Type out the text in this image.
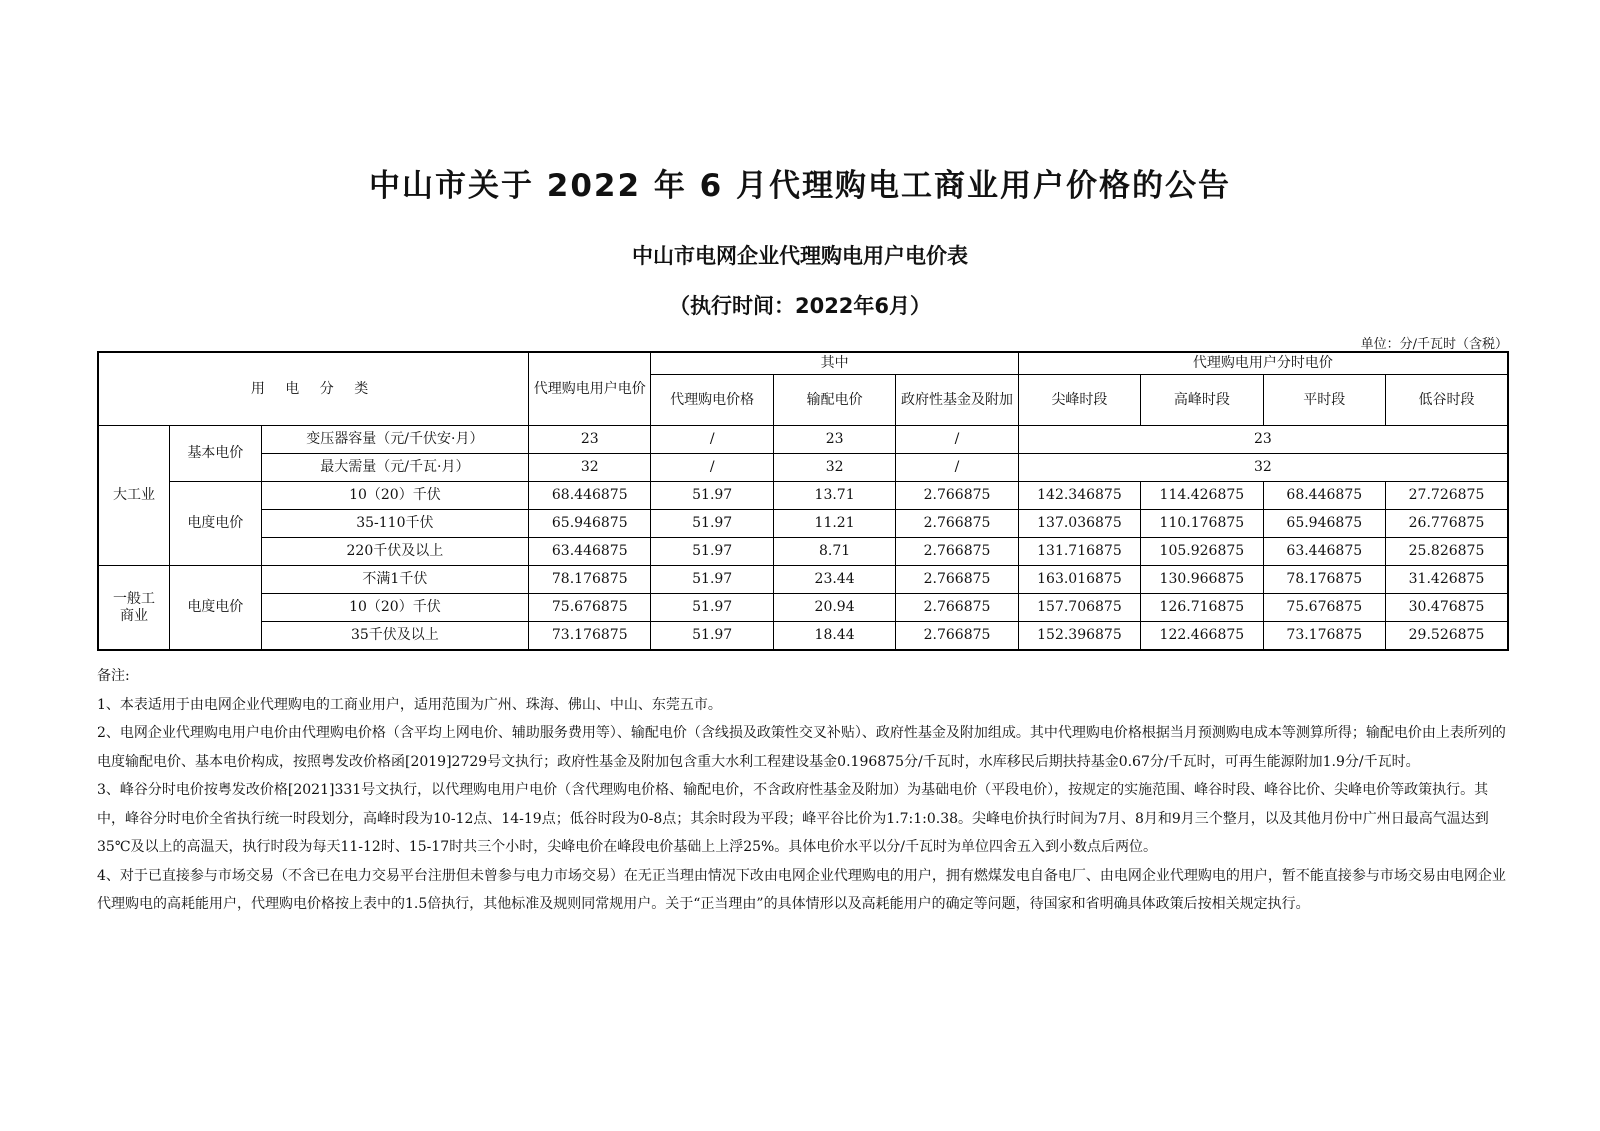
中山市关于 2022 年 6 月代理购电工商业用户价格的公告
中山市电网企业代理购电用户电价表
（执行时间：2022年6月）
单位：分/千瓦时（含税）
用 电 分 类			代理购电用户电价	其中			代理购电用户分时电价			
				代理购电价格	输配电价	政府性基金及附加	尖峰时段	高峰时段	平时段	低谷时段
大工业	基本电价	变压器容量（元/千伏安·月）	23	/	23	/	23			
		最大需量（元/千瓦·月）	32	/	32	/	32			
	电度电价	10（20）千伏	68.446875	51.97	13.71	2.766875	142.346875	114.426875	68.446875	27.726875
		35-110千伏	65.946875	51.97	11.21	2.766875	137.036875	110.176875	65.946875	26.776875
		220千伏及以上	63.446875	51.97	8.71	2.766875	131.716875	105.926875	63.446875	25.826875
一般工商业	电度电价	不满1千伏	78.176875	51.97	23.44	2.766875	163.016875	130.966875	78.176875	31.426875
		10（20）千伏	75.676875	51.97	20.94	2.766875	157.706875	126.716875	75.676875	30.476875
		35千伏及以上	73.176875	51.97	18.44	2.766875	152.396875	122.466875	73.176875	29.526875

备注:

1、本表适用于由电网企业代理购电的工商业用户，适用范围为广州、珠海、佛山、中山、东莞五市。

2、电网企业代理购电用户电价由代理购电价格（含平均上网电价、辅助服务费用等）、输配电价（含线损及政策性交叉补贴）、政府性基金及附加组成。其中代理购电价格根据当月预测购电成本等测算所得；输配电价由上表所列的电度输配电价、基本电价构成，按照粤发改价格函[2019]2729号文执行；政府性基金及附加包含重大水利工程建设基金0.196875分/千瓦时，水库移民后期扶持基金0.67分/千瓦时，可再生能源附加1.9分/千瓦时。

3、峰谷分时电价按粤发改价格[2021]331号文执行，以代理购电用户电价（含代理购电价格、输配电价，不含政府性基金及附加）为基础电价（平段电价），按规定的实施范围、峰谷时段、峰谷比价、尖峰电价等政策执行。其中，峰谷分时电价全省执行统一时段划分，高峰时段为10-12点、14-19点；低谷时段为0-8点；其余时段为平段；峰平谷比价为1.7:1:0.38。尖峰电价执行时间为7月、8月和9月三个整月，以及其他月份中广州日最高气温达到35℃及以上的高温天，执行时段为每天11-12时、15-17时共三个小时，尖峰电价在峰段电价基础上上浮25%。具体电价水平以分/千瓦时为单位四舍五入到小数点后两位。

4、对于已直接参与市场交易（不含已在电力交易平台注册但未曾参与电力市场交易）在无正当理由情况下改由电网企业代理购电的用户，拥有燃煤发电自备电厂、由电网企业代理购电的用户，暂不能直接参与市场交易由电网企业代理购电的高耗能用户，代理购电价格按上表中的1.5倍执行，其他标准及规则同常规用户。关于“正当理由”的具体情形以及高耗能用户的确定等问题，待国家和省明确具体政策后按相关规定执行。
